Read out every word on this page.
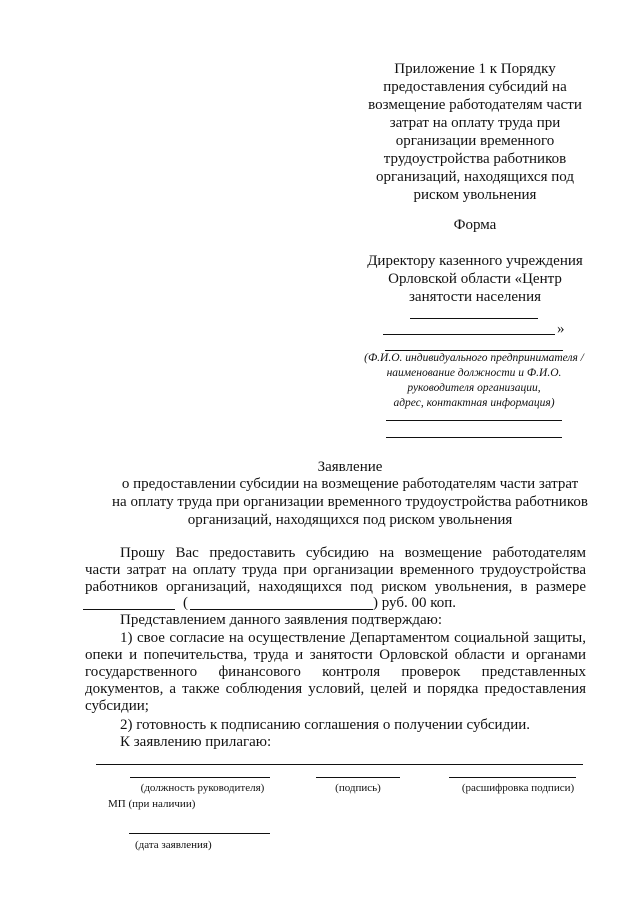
Приложение 1 к Порядку
предоставления субсидий на
возмещение работодателям части
затрат на оплату труда при
организации временного
трудоустройства работников
организаций, находящихся под
риском увольнения
Форма
Директору казенного учреждения
Орловской области «Центр
занятости населения
»
(Ф.И.О. индивидуального предпринимателя /
наименование должности и Ф.И.О.
руководителя организации,
адрес, контактная информация)
Заявление
о предоставлении субсидии на возмещение работодателям части затрат
на оплату труда при организации временного трудоустройства работников
организаций, находящихся под риском увольнения
Прошу Вас предоставить субсидию на возмещение работодателям
части затрат на оплату труда при организации временного трудоустройства
работников организаций, находящихся под риском увольнения, в размере
(	) руб. 00 коп.
Представлением данного заявления подтверждаю:
1) свое согласие на осуществление Департаментом социальной защиты,
опеки и попечительства, труда и занятости Орловской области и органами
государственного финансового контроля проверок представленных
документов, а также соблюдения условий, целей и порядка предоставления
субсидии;
2) готовность к подписанию соглашения о получении субсидии.
К заявлению прилагаю:
(должность руководителя)	(подпись)	(расшифровка подписи)
МП (при наличии)
(дата заявления)
